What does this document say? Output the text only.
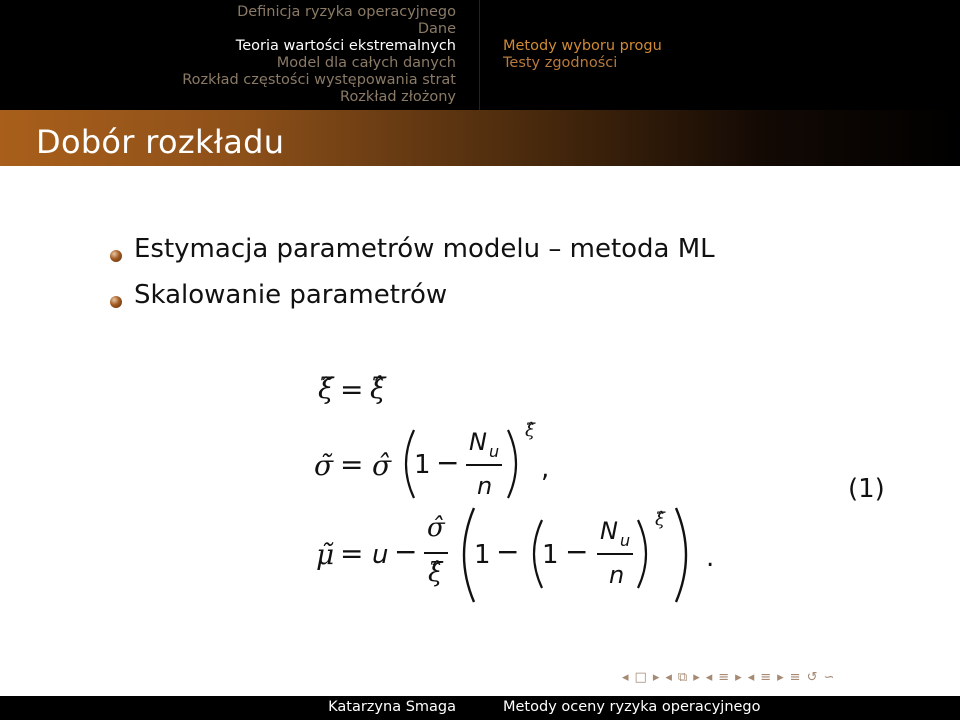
Definicja ryzyka operacyjnego
Dane
Teoria wartości ekstremalnych
Model dla całych danych
Rozkład częstości występowania strat
Rozkład złożony
Metody wyboru progu
Testy zgodności
Dobór rozkładu
Estymacja parametrów modelu – metoda ML
Skalowanie parametrów
ξ̃ = ξ̂
σ̃ = σ̂ 1 −
N u
n
ξ̂
,
(1)
μ̃ = u −
σ̂
ξ̂
1 − 1 −
N u
n
ξ̂
.
◂ □ ▸ ◂ ⧉ ▸ ◂ ≡ ▸ ◂ ≡ ▸ ≡ ↺ ∽
Katarzyna Smaga	Metody oceny ryzyka operacyjnego
